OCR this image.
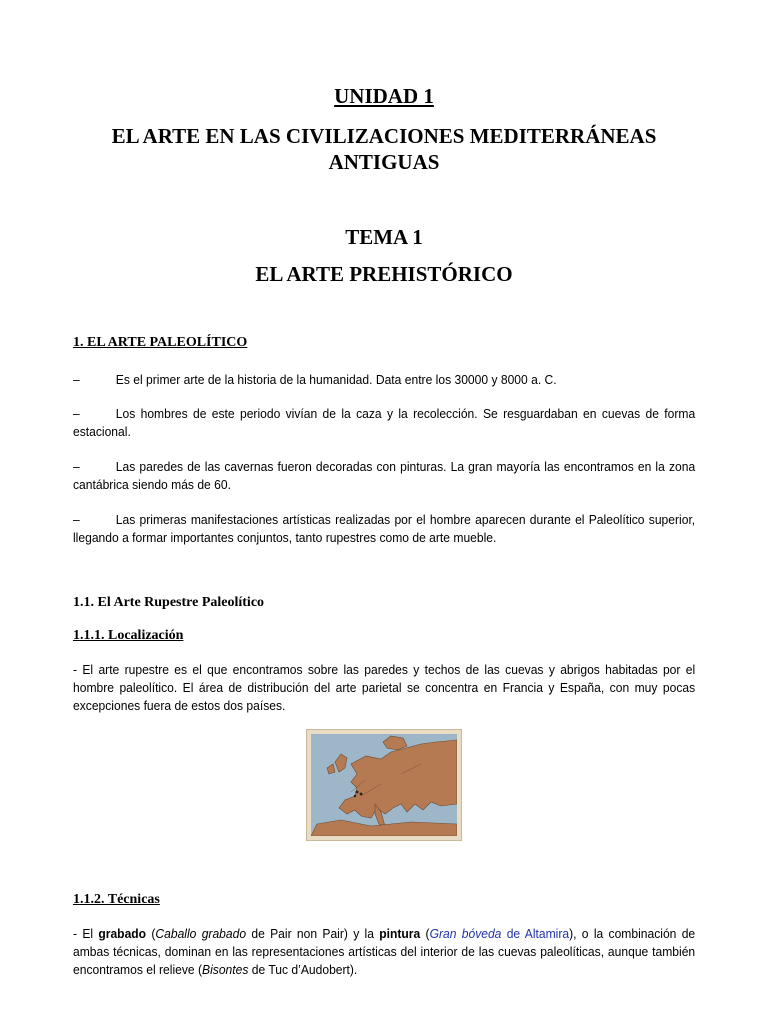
UNIDAD 1
EL ARTE EN LAS CIVILIZACIONES MEDITERRÁNEAS
ANTIGUAS
TEMA 1
EL ARTE PREHISTÓRICO
1. EL ARTE PALEOLÍTICO
–	Es el primer arte de la historia de la humanidad. Data entre los 30000 y 8000 a. C.
–	Los hombres de este periodo vivían de la caza y la recolección. Se resguardaban en cuevas de forma estacional.
–	Las paredes de las cavernas fueron decoradas con pinturas. La gran mayoría las encontramos en la zona cantábrica siendo más de 60.
–	Las primeras manifestaciones artísticas realizadas por el hombre aparecen durante el Paleolítico superior, llegando a formar importantes conjuntos, tanto rupestres como de arte mueble.
1.1. El Arte Rupestre Paleolítico
1.1.1. Localización
- El arte rupestre es el que encontramos sobre las paredes y techos de las cuevas y abrigos habitadas por el hombre paleolítico. El área de distribución del arte parietal se concentra en Francia y España, con muy pocas excepciones fuera de estos dos países.
1.1.2. Técnicas
- El grabado (Caballo grabado de Pair non Pair) y la pintura (Gran bóveda de Altamira), o la combinación de ambas técnicas, dominan en las representaciones artísticas del interior de las cuevas paleolíticas, aunque también encontramos el relieve (Bisontes de Tuc d’Audobert).
